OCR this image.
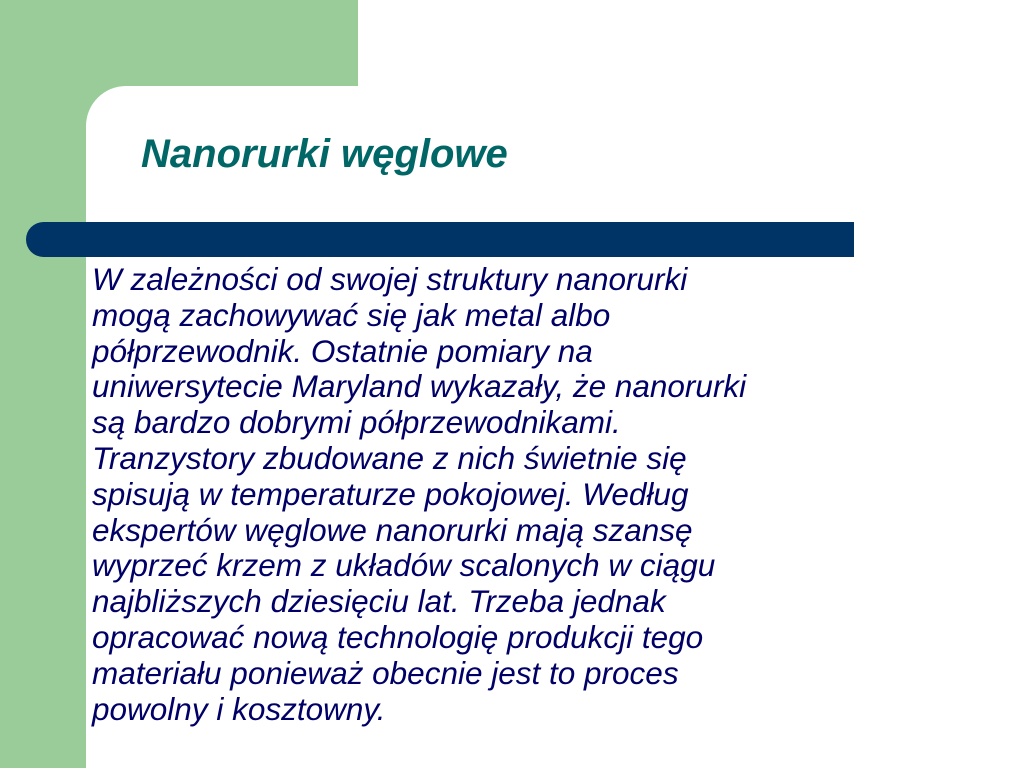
Nanorurki węglowe

W zależności od swojej struktury nanorurki
mogą zachowywać się jak metal albo
półprzewodnik. Ostatnie pomiary na
uniwersytecie Maryland wykazały, że nanorurki
są bardzo dobrymi półprzewodnikami.
Tranzystory zbudowane z nich świetnie się
spisują w temperaturze pokojowej. Według
ekspertów węglowe nanorurki mają szansę
wyprzeć krzem z układów scalonych w ciągu
najbliższych dziesięciu lat. Trzeba jednak
opracować nową technologię produkcji tego
materiału ponieważ obecnie jest to proces
powolny i kosztowny.
